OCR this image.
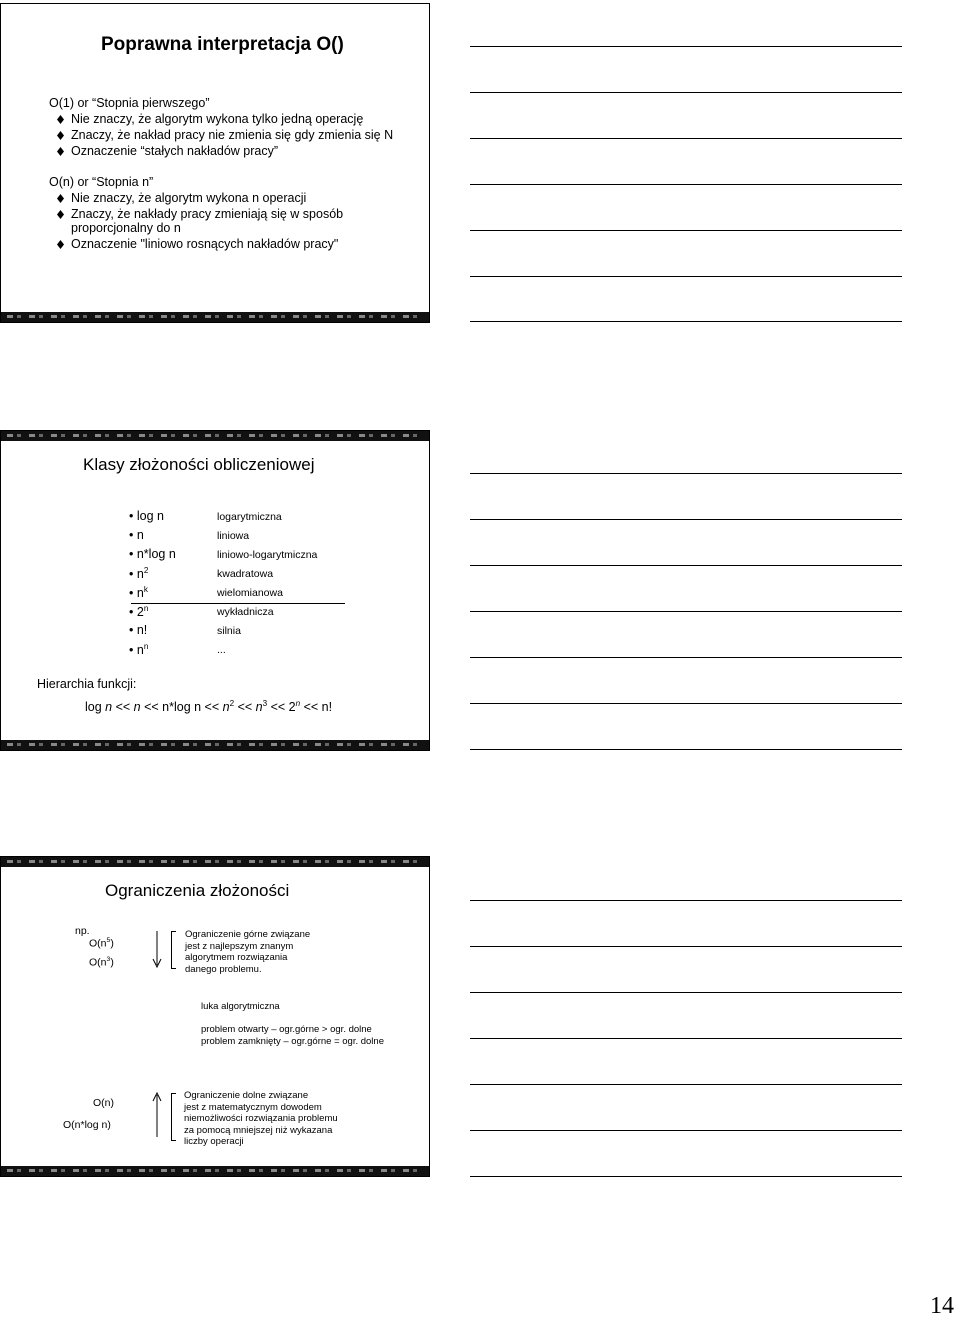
Poprawna interpretacja O()
O(1) or “Stopnia pierwszego”
Nie znaczy, że algorytm wykona tylko jedną operację
Znaczy, że nakład pracy nie zmienia się gdy zmienia się N
Oznaczenie “stałych nakładów pracy”
O(n) or “Stopnia n”
Nie znaczy, że algorytm wykona n operacji
Znaczy, że nakłady pracy zmieniają się w sposób
proporcjonalny do n
Oznaczenie "liniowo rosnących nakładów pracy"
Klasy złożoności obliczeniowej
• log n	logarytmiczna
• n	liniowa
• n*log n	liniowo-logarytmiczna
• $n^2$	kwadratowa
• $n^k$	wielomianowa
• 2$^n$	wykładnicza
• n!	silnia
• $n^n$	...
Hierarchia funkcji:
log n << n << n*log $n << n^2 << n^3 << 2^n << n$!
Ograniczenia złożoności
np.
$O(n^5)$
$O(n^3)$
Ograniczenie górne związane
jest z najlepszym znanym
algorytmem rozwiązania
danego problemu.
luka algorytmiczna
problem otwarty – ogr.górne > ogr. dolne
problem zamknięty – ogr.górne = ogr. dolne
O(n)
O(n*log n)
Ograniczenie dolne związane
jest z matematycznym dowodem
niemożliwości rozwiązania problemu
za pomocą mniejszej niż wykazana
liczby operacji
14
